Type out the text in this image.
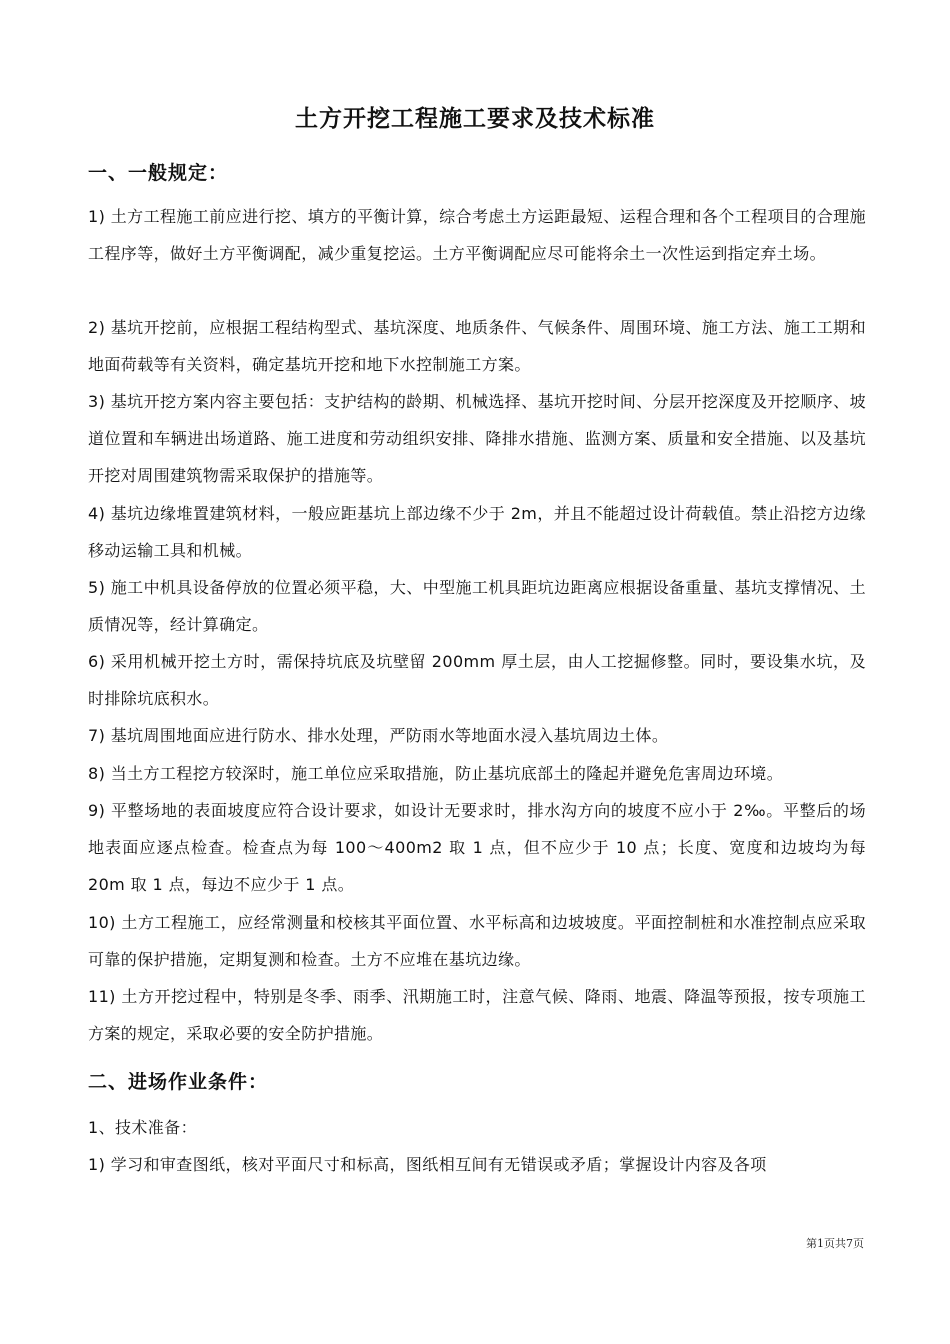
土方开挖工程施工要求及技术标准
一、一般规定：

1) 土方工程施工前应进行挖、填方的平衡计算，综合考虑土方运距最短、运程合理和各个工程项目的合理施工程序等，做好土方平衡调配，减少重复挖运。土方平衡调配应尽可能将余土一次性运到指定弃土场。

2) 基坑开挖前，应根据工程结构型式、基坑深度、地质条件、气候条件、周围环境、施工方法、施工工期和地面荷载等有关资料，确定基坑开挖和地下水控制施工方案。

3) 基坑开挖方案内容主要包括：支护结构的龄期、机械选择、基坑开挖时间、分层开挖深度及开挖顺序、坡道位置和车辆进出场道路、施工进度和劳动组织安排、降排水措施、监测方案、质量和安全措施、以及基坑开挖对周围建筑物需采取保护的措施等。

4) 基坑边缘堆置建筑材料，一般应距基坑上部边缘不少于 2m，并且不能超过设计荷载值。禁止沿挖方边缘移动运输工具和机械。

5) 施工中机具设备停放的位置必须平稳，大、中型施工机具距坑边距离应根据设备重量、基坑支撑情况、土质情况等，经计算确定。

6) 采用机械开挖土方时，需保持坑底及坑壁留 200mm 厚土层，由人工挖掘修整。同时，要设集水坑，及时排除坑底积水。

7) 基坑周围地面应进行防水、排水处理，严防雨水等地面水浸入基坑周边土体。

8) 当土方工程挖方较深时，施工单位应采取措施，防止基坑底部土的隆起并避免危害周边环境。

9) 平整场地的表面坡度应符合设计要求，如设计无要求时，排水沟方向的坡度不应小于 2‰。平整后的场地表面应逐点检查。检查点为每 100～400m2 取 1 点，但不应少于 10 点；长度、宽度和边坡均为每 20m 取 1 点，每边不应少于 1 点。

10) 土方工程施工，应经常测量和校核其平面位置、水平标高和边坡坡度。平面控制桩和水准控制点应采取可靠的保护措施，定期复测和检查。土方不应堆在基坑边缘。

11) 土方开挖过程中，特别是冬季、雨季、汛期施工时，注意气候、降雨、地震、降温等预报，按专项施工方案的规定，采取必要的安全防护措施。

二、进场作业条件：
1、技术准备：

1) 学习和审查图纸，核对平面尺寸和标高，图纸相互间有无错误或矛盾；掌握设计内容及各项

第1页共7页
